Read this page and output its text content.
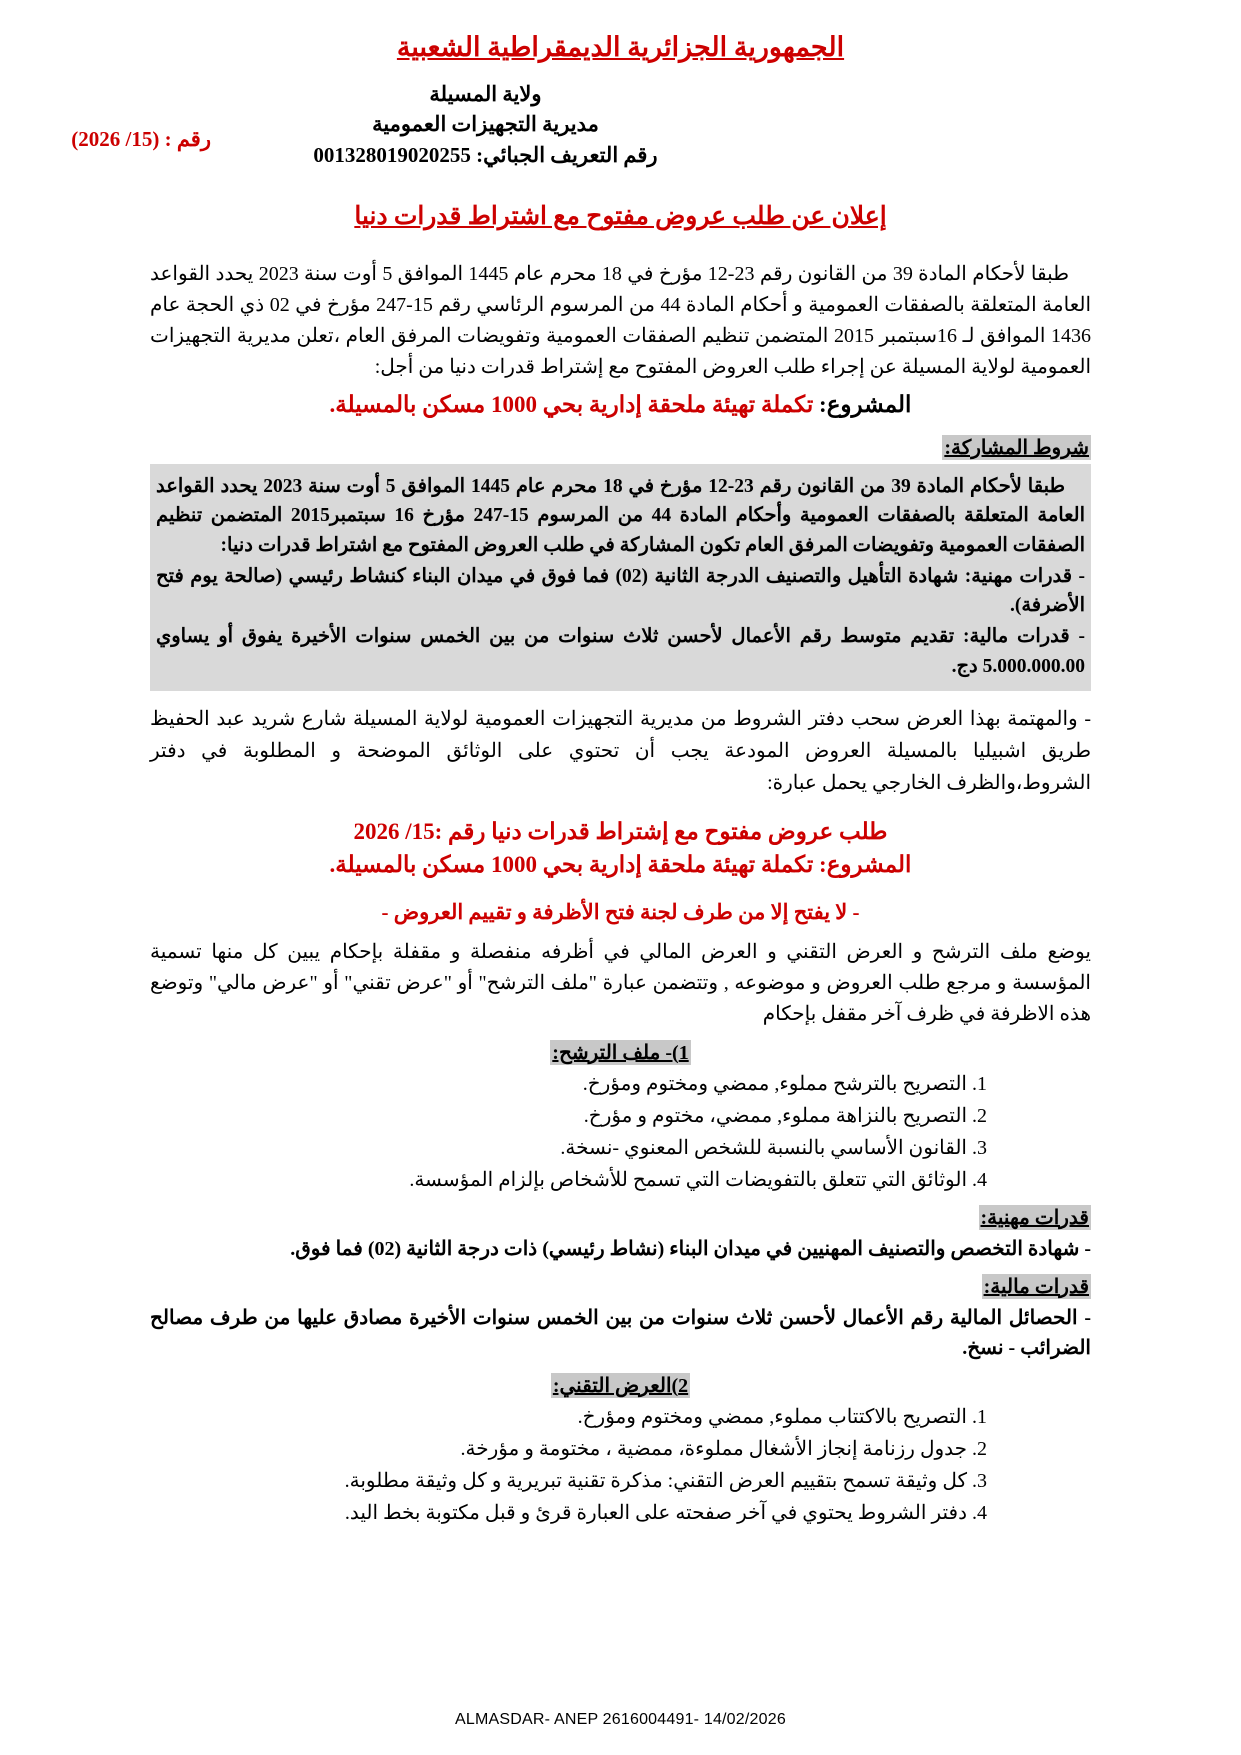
الجمهورية الجزائرية الديمقراطية الشعبية
ولاية المسيلة
مديرية التجهيزات العمومية
رقم التعريف الجبائي: 001328019020255
رقم : (15/ 2026)
إعلان عن طلب عروض مفتوح مع اشتراط قدرات دنيا

طبقا لأحكام المادة 39 من القانون رقم 23-12 مؤرخ في 18 محرم عام 1445 الموافق 5 أوت سنة 2023 يحدد القواعد العامة المتعلقة بالصفقات العمومية و أحكام المادة 44 من المرسوم الرئاسي رقم 15-247 مؤرخ في 02 ذي الحجة عام 1436 الموافق لـ 16سبتمبر 2015 المتضمن تنظيم الصفقات العمومية وتفويضات المرفق العام ،تعلن مديرية التجهيزات العمومية لولاية المسيلة عن إجراء طلب العروض المفتوح مع إشتراط قدرات دنيا من أجل:

المشروع: تكملة تهيئة ملحقة إدارية بحي 1000 مسكن بالمسيلة.
شروط المشاركة:

طبقا لأحكام المادة 39 من القانون رقم 23-12 مؤرخ في 18 محرم عام 1445 الموافق 5 أوت سنة 2023 يحدد القواعد العامة المتعلقة بالصفقات العمومية وأحكام المادة 44 من المرسوم 15-247 مؤرخ 16 سبتمبر2015 المتضمن تنظيم الصفقات العمومية وتفويضات المرفق العام تكون المشاركة في طلب العروض المفتوح مع اشتراط قدرات دنيا:

- قدرات مهنية: شهادة التأهيل والتصنيف الدرجة الثانية (02) فما فوق في ميدان البناء كنشاط رئيسي (صالحة يوم فتح الأضرفة).

- قدرات مالية: تقديم متوسط رقم الأعمال لأحسن ثلاث سنوات من بين الخمس سنوات الأخيرة يفوق أو يساوي 5.000.000.00 دج.

- والمهتمة بهذا العرض سحب دفتر الشروط من مديرية التجهيزات العمومية لولاية المسيلة شارع شريد عبد الحفيظ طريق اشبيليا بالمسيلة العروض المودعة يجب أن تحتوي على الوثائق الموضحة و المطلوبة في دفتر الشروط،والظرف الخارجي يحمل عبارة:

طلب عروض مفتوح مع إشتراط قدرات دنيا رقم :15/ 2026
المشروع: تكملة تهيئة ملحقة إدارية بحي 1000 مسكن بالمسيلة.
- لا يفتح إلا من طرف لجنة فتح الأظرفة و تقييم العروض -

يوضع ملف الترشح و العرض التقني و العرض المالي في أظرفه منفصلة و مقفلة بإحكام يبين كل منها تسمية المؤسسة و مرجع طلب العروض و موضوعه , وتتضمن عبارة "ملف الترشح" أو "عرض تقني" أو "عرض مالي" وتوضع هذه الاظرفة في ظرف آخر مقفل بإحكام

1)- ملف الترشح:
1. التصريح بالترشح مملوء, ممضي ومختوم ومؤرخ.
2. التصريح بالنزاهة مملوء, ممضي، مختوم و مؤرخ.
3. القانون الأساسي بالنسبة للشخص المعنوي -نسخة.
4. الوثائق التي تتعلق بالتفويضات التي تسمح للأشخاص بإلزام المؤسسة.
قدرات مهنية:
- شهادة التخصص والتصنيف المهنيين في ميدان البناء (نشاط رئيسي) ذات درجة الثانية (02) فما فوق.
قدرات مالية:
- الحصائل المالية رقم الأعمال لأحسن ثلاث سنوات من بين الخمس سنوات الأخيرة مصادق عليها من طرف مصالح الضرائب - نسخ.
2)العرض التقني:
1. التصريح بالاكتتاب مملوء, ممضي ومختوم ومؤرخ.
2. جدول رزنامة إنجاز الأشغال مملوءة، ممضية ، مختومة و مؤرخة.
3. كل وثيقة تسمح بتقييم العرض التقني: مذكرة تقنية تبريرية و كل وثيقة مطلوبة.
4. دفتر الشروط يحتوي في آخر صفحته على العبارة قرئ و قبل مكتوبة بخط اليد.
ALMASDAR- ANEP 2616004491- 14/02/2026
